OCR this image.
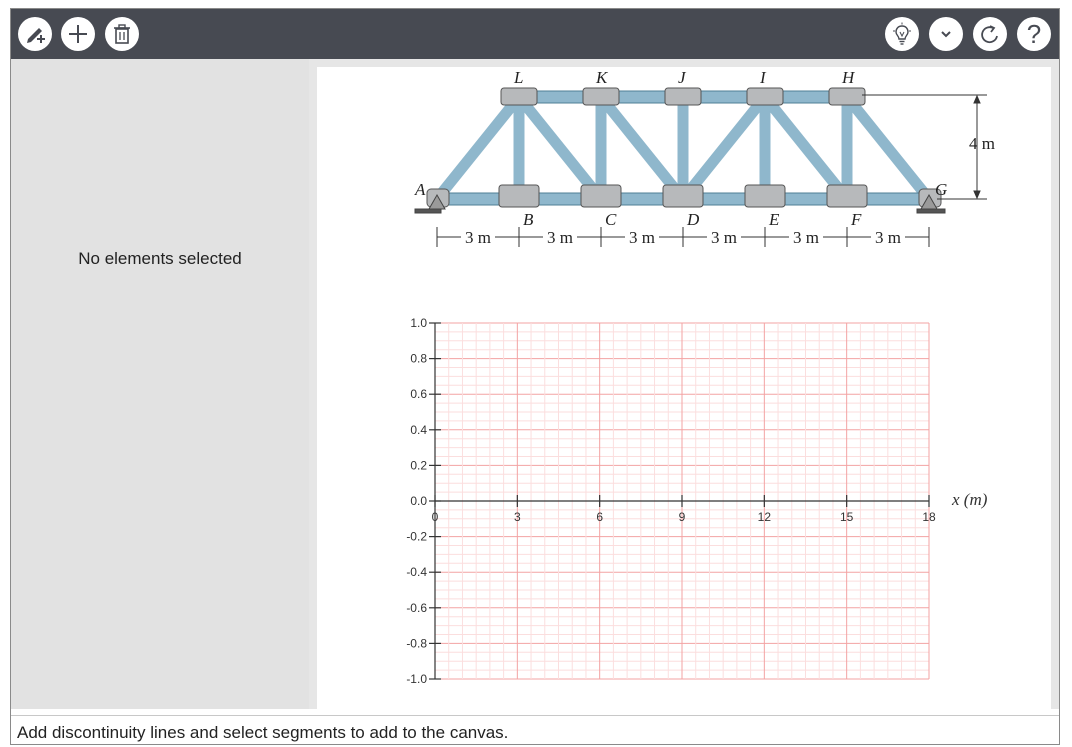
?
No elements selected
4 m
L	K	J	I	H
A
B	C	D	E	F
G
3 m	3 m	3 m	3 m	3 m	3 m
1.0
0.8
0.6
0.4
0.2
0.0
-0.2
-0.4
-0.6
-0.8
-1.0
0	3	6	9	12	15	18
x (m)
Add discontinuity lines and select segments to add to the canvas.
